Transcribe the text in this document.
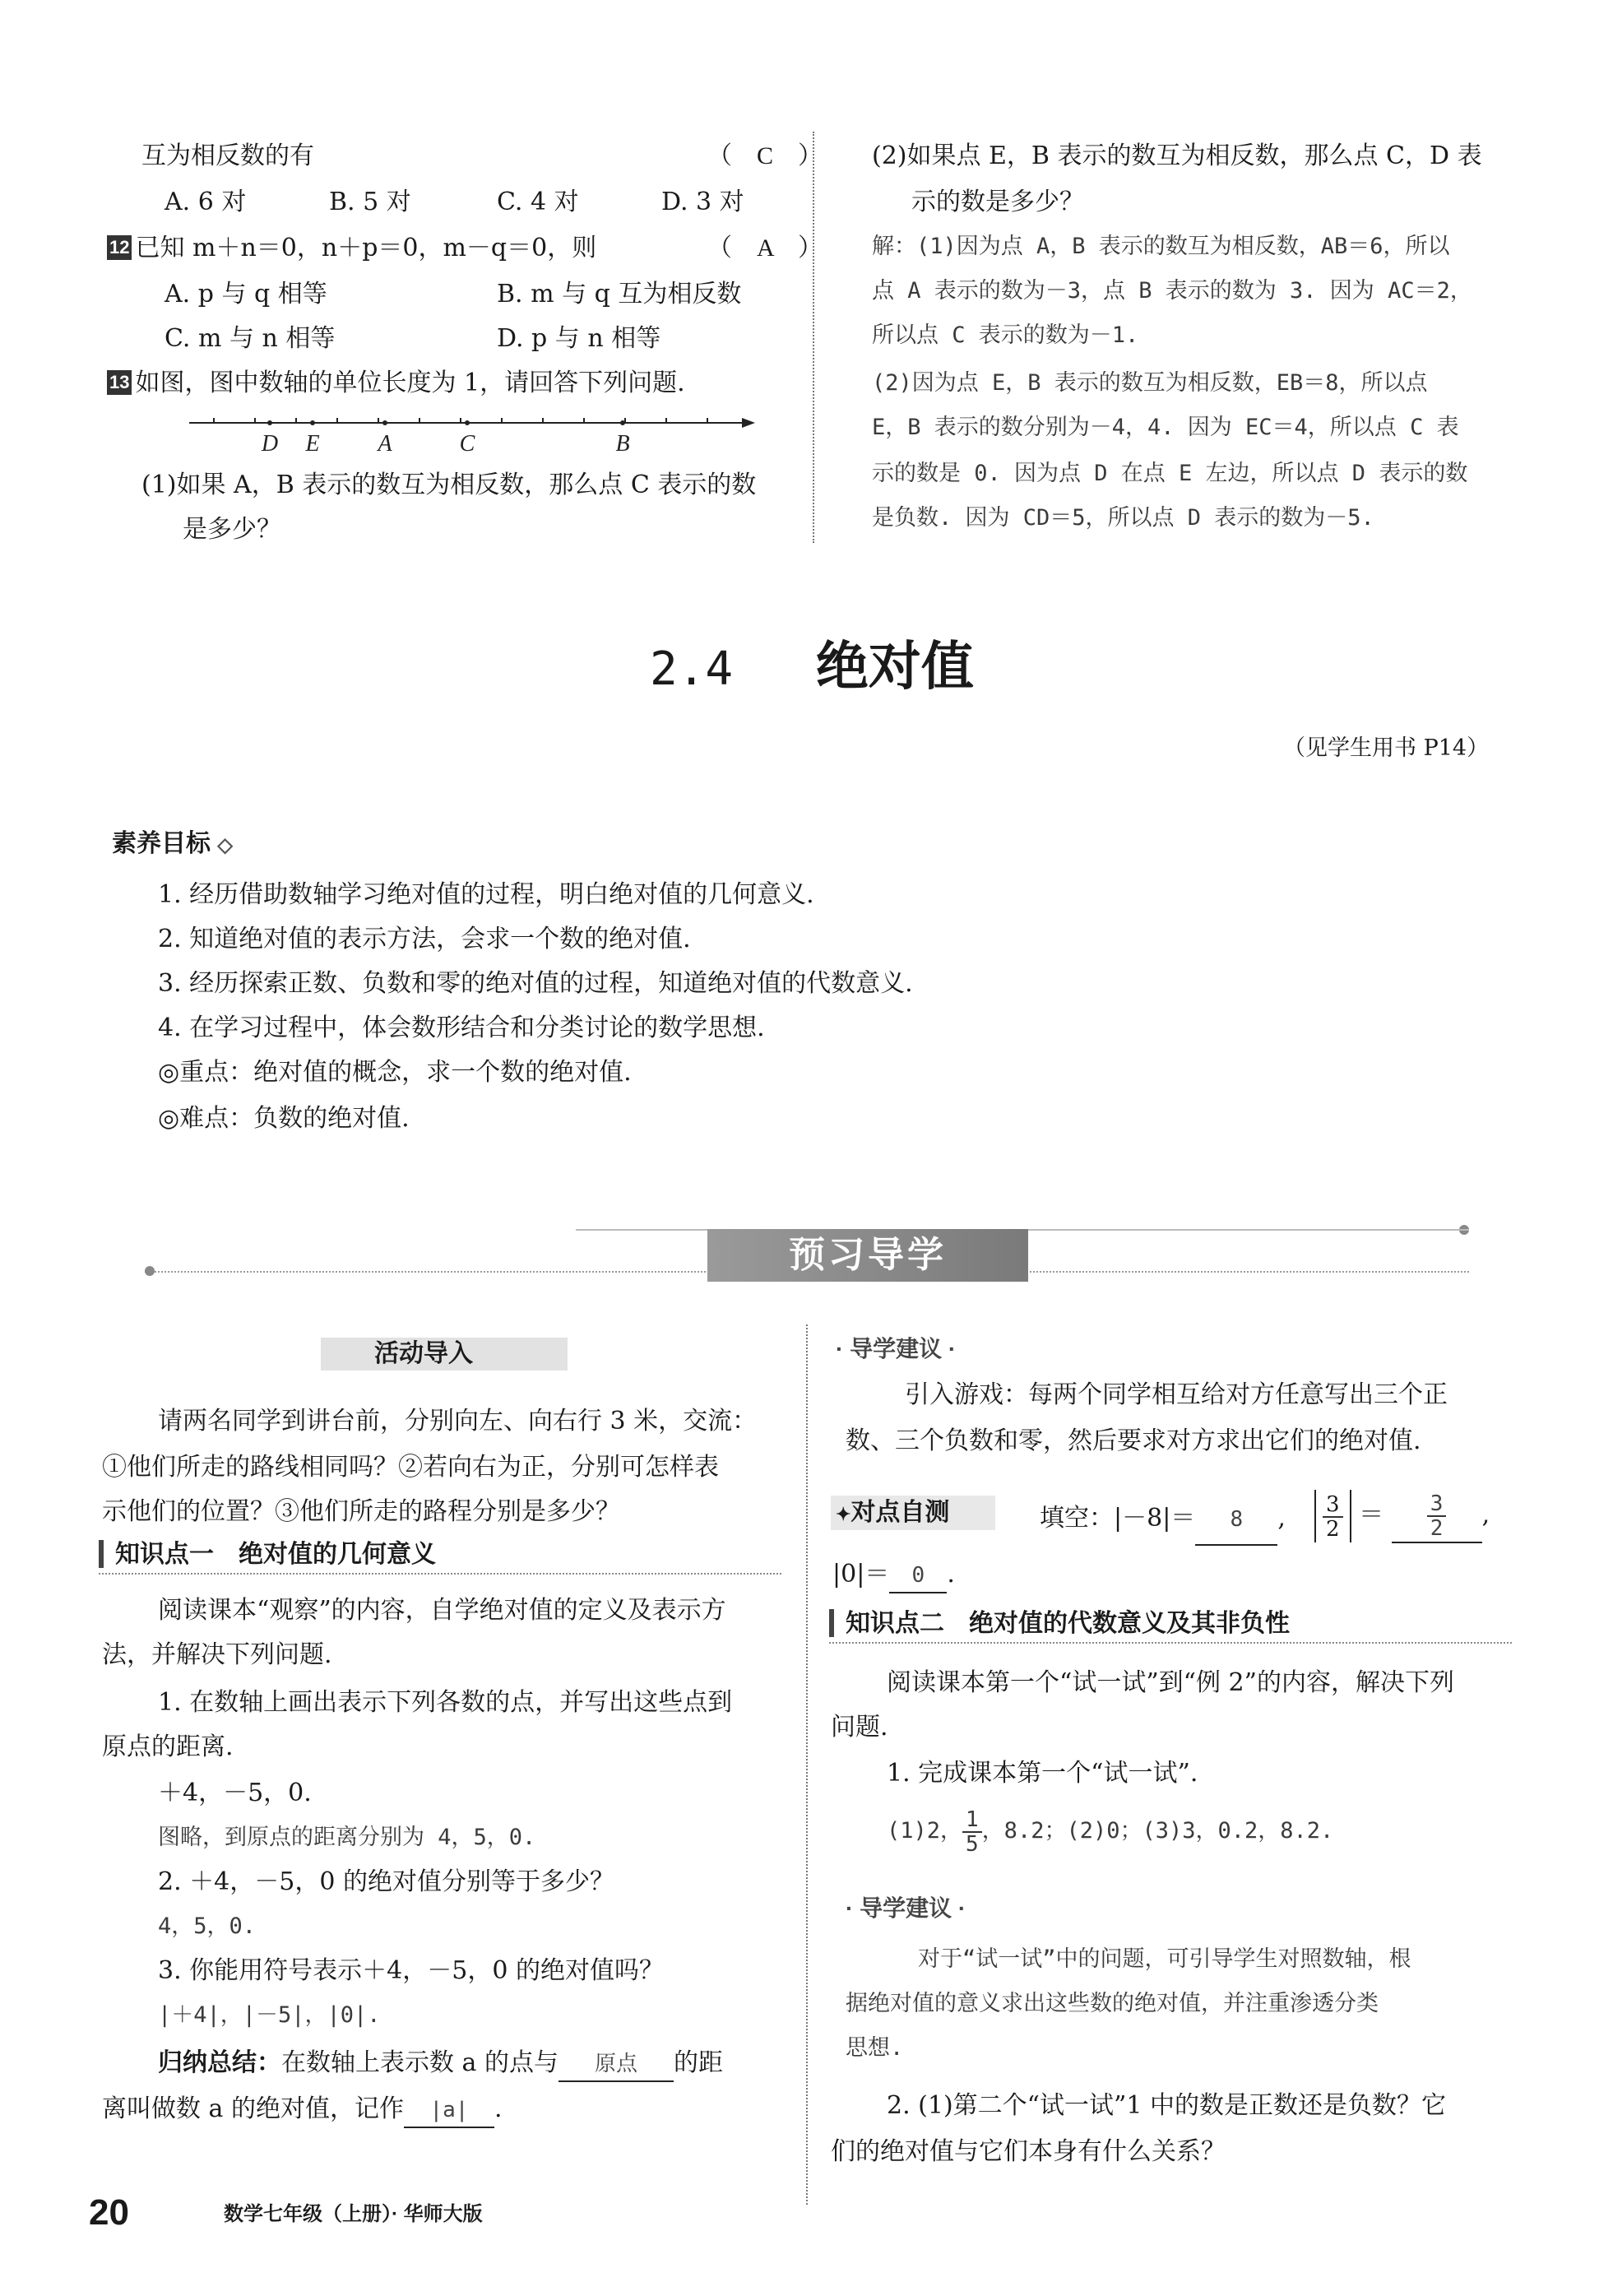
互为相反数的有	（　C　）
A. 6 对	B. 5 对	C. 4 对	D. 3 对
12 已知 m＋n＝0，n＋p＝0，m－q＝0，则	（　A　）
A. p 与 q 相等	B. m 与 q 互为相反数
C. m 与 n 相等	D. p 与 n 相等
13 如图，图中数轴的单位长度为 1，请回答下列问题.
D E	A	C	B
(1)如果 A，B 表示的数互为相反数，那么点 C 表示的数
是多少？
(2)如果点 E，B 表示的数互为相反数，那么点 C，D 表
示的数是多少？
解：(1)因为点 A，B 表示的数互为相反数，AB＝6，所以
点 A 表示的数为－3，点 B 表示的数为 3. 因为 AC＝2，
所以点 C 表示的数为－1.
(2)因为点 E，B 表示的数互为相反数，EB＝8，所以点
E，B 表示的数分别为－4，4. 因为 EC＝4，所以点 C 表
示的数是 0. 因为点 D 在点 E 左边，所以点 D 表示的数
是负数. 因为 CD＝5，所以点 D 表示的数为－5.
2.4 绝对值
（见学生用书 P14）
素养目标 ◇
1. 经历借助数轴学习绝对值的过程，明白绝对值的几何意义.
2. 知道绝对值的表示方法，会求一个数的绝对值.
3. 经历探索正数、负数和零的绝对值的过程，知道绝对值的代数意义.
4. 在学习过程中，体会数形结合和分类讨论的数学思想.
◎重点：绝对值的概念，求一个数的绝对值.
◎难点：负数的绝对值.
预习导学
活动导入
请两名同学到讲台前，分别向左、向右行 3 米，交流：
①他们所走的路线相同吗？②若向右为正，分别可怎样表
示他们的位置？③他们所走的路程分别是多少？
知识点一　绝对值的几何意义
阅读课本“观察”的内容，自学绝对值的定义及表示方
法，并解决下列问题.
1. 在数轴上画出表示下列各数的点，并写出这些点到
原点的距离.
＋4，－5，0.
图略，到原点的距离分别为 4，5，0.
2. ＋4，－5，0 的绝对值分别等于多少？
4，5，0.
3. 你能用符号表示＋4，－5，0 的绝对值吗？
|＋4|，|－5|，|0|.
归纳总结：在数轴上表示数 a 的点与 原点 的距
离叫做数 a 的绝对值，记作 |a| .
· 导学建议 ·
引入游戏：每两个同学相互给对方任意写出三个正
数、三个负数和零，然后要求对方求出它们的绝对值.
✦对点自测	填空：|－8|＝ 8 , $\frac{3}{2} = \frac{3}{2}$ ,
|0|＝ 0 .
知识点二　绝对值的代数意义及其非负性
阅读课本第一个“试一试”到“例 2”的内容，解决下列
问题.
1. 完成课本第一个“试一试”.
(1)2， $\frac{1}{5}$ ，8.2；(2)0；(3)3，0.2，8.2.
· 导学建议 ·
对于“试一试”中的问题，可引导学生对照数轴，根
据绝对值的意义求出这些数的绝对值，并注重渗透分类
思想.
2. (1)第二个“试一试”1 中的数是正数还是负数？它
们的绝对值与它们本身有什么关系？
20	数学七年级（上册）· 华师大版
